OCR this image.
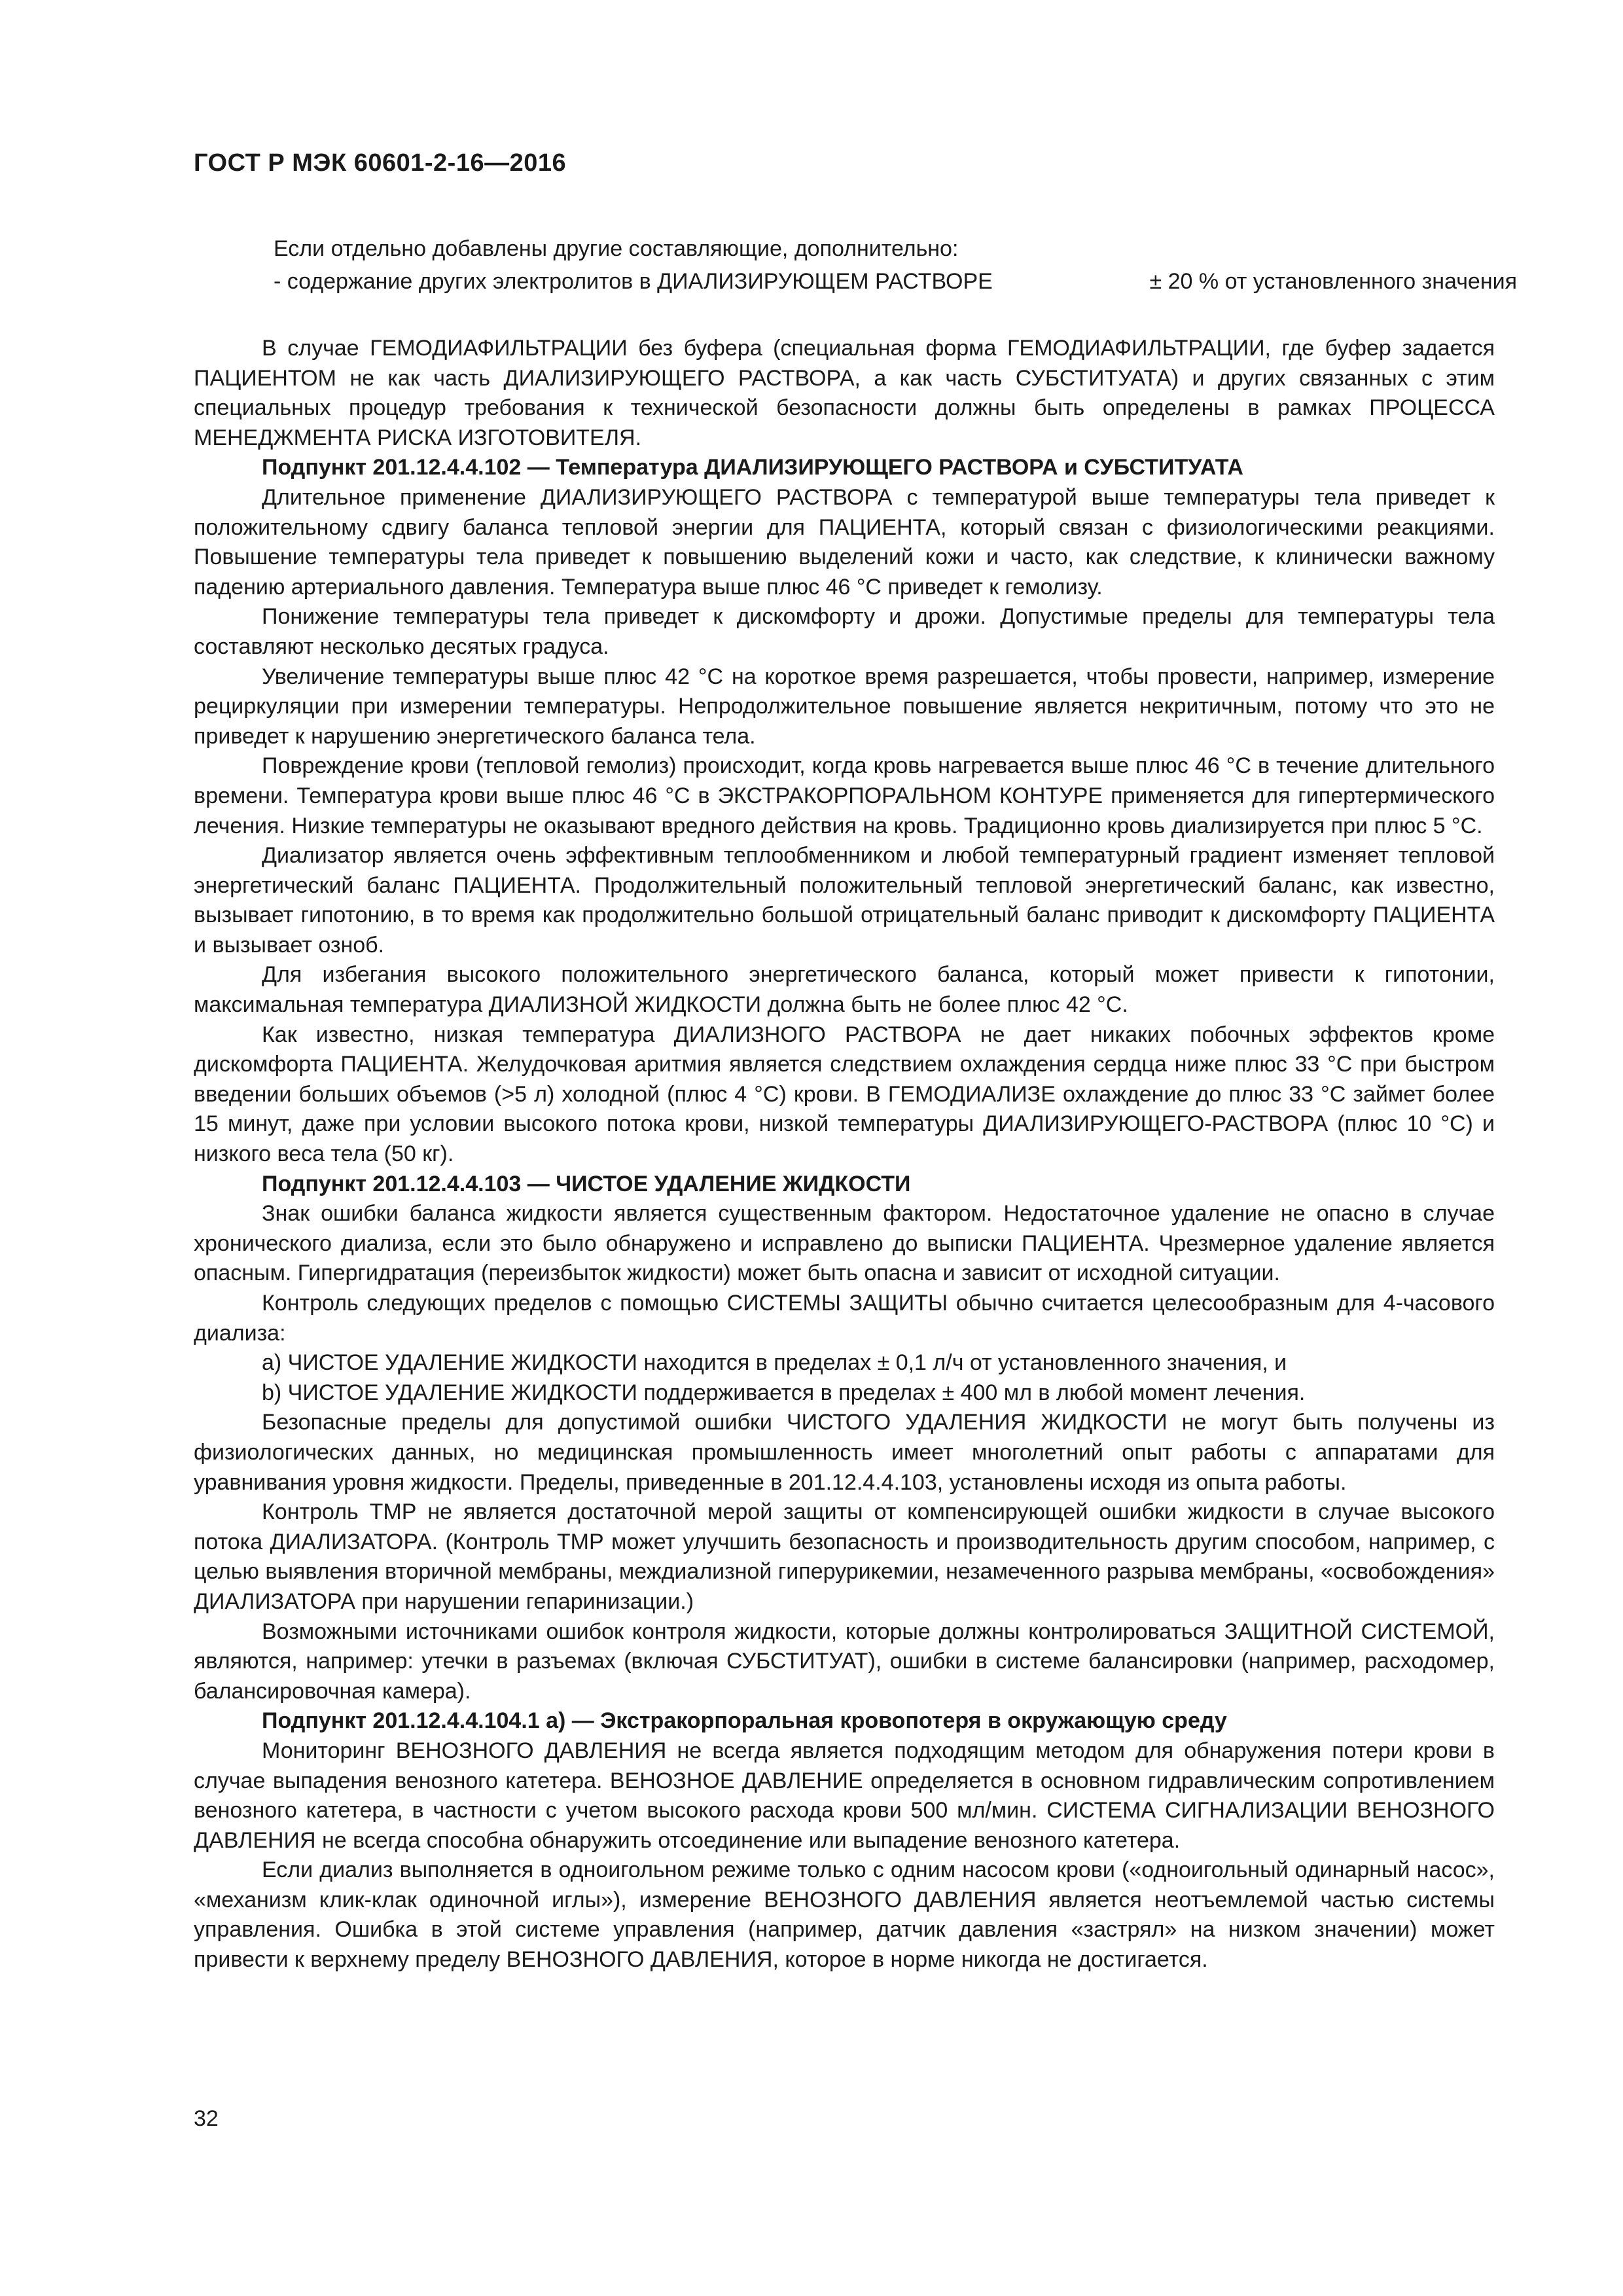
ГОСТ Р МЭК 60601-2-16—2016
Если отдельно добавлены другие составляющие, дополнительно:
- содержание других электролитов в ДИАЛИЗИРУЮЩЕМ РАСТВОРЕ	± 20 % от установленного значения

В случае ГЕМОДИАФИЛЬТРАЦИИ без буфера (специальная форма ГЕМОДИАФИЛЬТРАЦИИ, где буфер задается ПАЦИЕНТОМ не как часть ДИАЛИЗИРУЮЩЕГО РАСТВОРА, а как часть СУБСТИТУАТА) и других связанных с этим специальных процедур требования к технической безопасности должны быть определены в рамках ПРОЦЕССА МЕНЕДЖМЕНТА РИСКА ИЗГОТОВИТЕЛЯ.

Подпункт 201.12.4.4.102 — Температура ДИАЛИЗИРУЮЩЕГО РАСТВОРА и СУБСТИТУАТА

Длительное применение ДИАЛИЗИРУЮЩЕГО РАСТВОРА с температурой выше температуры тела приведет к положительному сдвигу баланса тепловой энергии для ПАЦИЕНТА, который связан с физиологическими реакциями. Повышение температуры тела приведет к повышению выделений кожи и часто, как следствие, к клинически важному падению артериального давления. Температура выше плюс 46 °С приведет к гемолизу.

Понижение температуры тела приведет к дискомфорту и дрожи. Допустимые пределы для температуры тела составляют несколько десятых градуса.

Увеличение температуры выше плюс 42 °С на короткое время разрешается, чтобы провести, например, измерение рециркуляции при измерении температуры. Непродолжительное повышение является некритичным, потому что это не приведет к нарушению энергетического баланса тела.

Повреждение крови (тепловой гемолиз) происходит, когда кровь нагревается выше плюс 46 °С в течение длительного времени. Температура крови выше плюс 46 °С в ЭКСТРАКОРПОРАЛЬНОМ КОНТУРЕ применяется для гипертермического лечения. Низкие температуры не оказывают вредного действия на кровь. Традиционно кровь диализируется при плюс 5 °С.

Диализатор является очень эффективным теплообменником и любой температурный градиент изменяет тепловой энергетический баланс ПАЦИЕНТА. Продолжительный положительный тепловой энергетический баланс, как известно, вызывает гипотонию, в то время как продолжительно большой отрицательный баланс приводит к дискомфорту ПАЦИЕНТА и вызывает озноб.

Для избегания высокого положительного энергетического баланса, который может привести к гипотонии, максимальная температура ДИАЛИЗНОЙ ЖИДКОСТИ должна быть не более плюс 42 °С.

Как известно, низкая температура ДИАЛИЗНОГО РАСТВОРА не дает никаких побочных эффектов кроме дискомфорта ПАЦИЕНТА. Желудочковая аритмия является следствием охлаждения сердца ниже плюс 33 °С при быстром введении больших объемов (>5 л) холодной (плюс 4 °С) крови. В ГЕМОДИАЛИЗЕ охлаждение до плюс 33 °С займет более 15 минут, даже при условии высокого потока крови, низкой температуры ДИАЛИЗИРУЮЩЕГО-РАСТВОРА (плюс 10 °С) и низкого веса тела (50 кг).

Подпункт 201.12.4.4.103 — ЧИСТОЕ УДАЛЕНИЕ ЖИДКОСТИ

Знак ошибки баланса жидкости является существенным фактором. Недостаточное удаление не опасно в случае хронического диализа, если это было обнаружено и исправлено до выписки ПАЦИЕНТА. Чрезмерное удаление является опасным. Гипергидратация (переизбыток жидкости) может быть опасна и зависит от исходной ситуации.

Контроль следующих пределов с помощью СИСТЕМЫ ЗАЩИТЫ обычно считается целесообразным для 4-часового диализа:

a) ЧИСТОЕ УДАЛЕНИЕ ЖИДКОСТИ находится в пределах ± 0,1 л/ч от установленного значения, и

b) ЧИСТОЕ УДАЛЕНИЕ ЖИДКОСТИ поддерживается в пределах ± 400 мл в любой момент лечения.

Безопасные пределы для допустимой ошибки ЧИСТОГО УДАЛЕНИЯ ЖИДКОСТИ не могут быть получены из физиологических данных, но медицинская промышленность имеет многолетний опыт работы с аппаратами для уравнивания уровня жидкости. Пределы, приведенные в 201.12.4.4.103, установлены исходя из опыта работы.

Контроль ТМР не является достаточной мерой защиты от компенсирующей ошибки жидкости в случае высокого потока ДИАЛИЗАТОРА. (Контроль ТМР может улучшить безопасность и производительность другим способом, например, с целью выявления вторичной мембраны, междиализной гиперурикемии, незамеченного разрыва мембраны, «освобождения» ДИАЛИЗАТОРА при нарушении гепаринизации.)

Возможными источниками ошибок контроля жидкости, которые должны контролироваться ЗАЩИТНОЙ СИСТЕМОЙ, являются, например: утечки в разъемах (включая СУБСТИТУАТ), ошибки в системе балансировки (например, расходомер, балансировочная камера).

Подпункт 201.12.4.4.104.1 а) — Экстракорпоральная кровопотеря в окружающую среду

Мониторинг ВЕНОЗНОГО ДАВЛЕНИЯ не всегда является подходящим методом для обнаружения потери крови в случае выпадения венозного катетера. ВЕНОЗНОЕ ДАВЛЕНИЕ определяется в основном гидравлическим сопротивлением венозного катетера, в частности с учетом высокого расхода крови 500 мл/мин. СИСТЕМА СИГНАЛИЗАЦИИ ВЕНОЗНОГО ДАВЛЕНИЯ не всегда способна обнаружить отсоединение или выпадение венозного катетера.

Если диализ выполняется в одноигольном режиме только с одним насосом крови («одноигольный одинарный насос», «механизм клик-клак одиночной иглы»), измерение ВЕНОЗНОГО ДАВЛЕНИЯ является неотъемлемой частью системы управления. Ошибка в этой системе управления (например, датчик давления «застрял» на низком значении) может привести к верхнему пределу ВЕНОЗНОГО ДАВЛЕНИЯ, которое в норме никогда не достигается.

32
